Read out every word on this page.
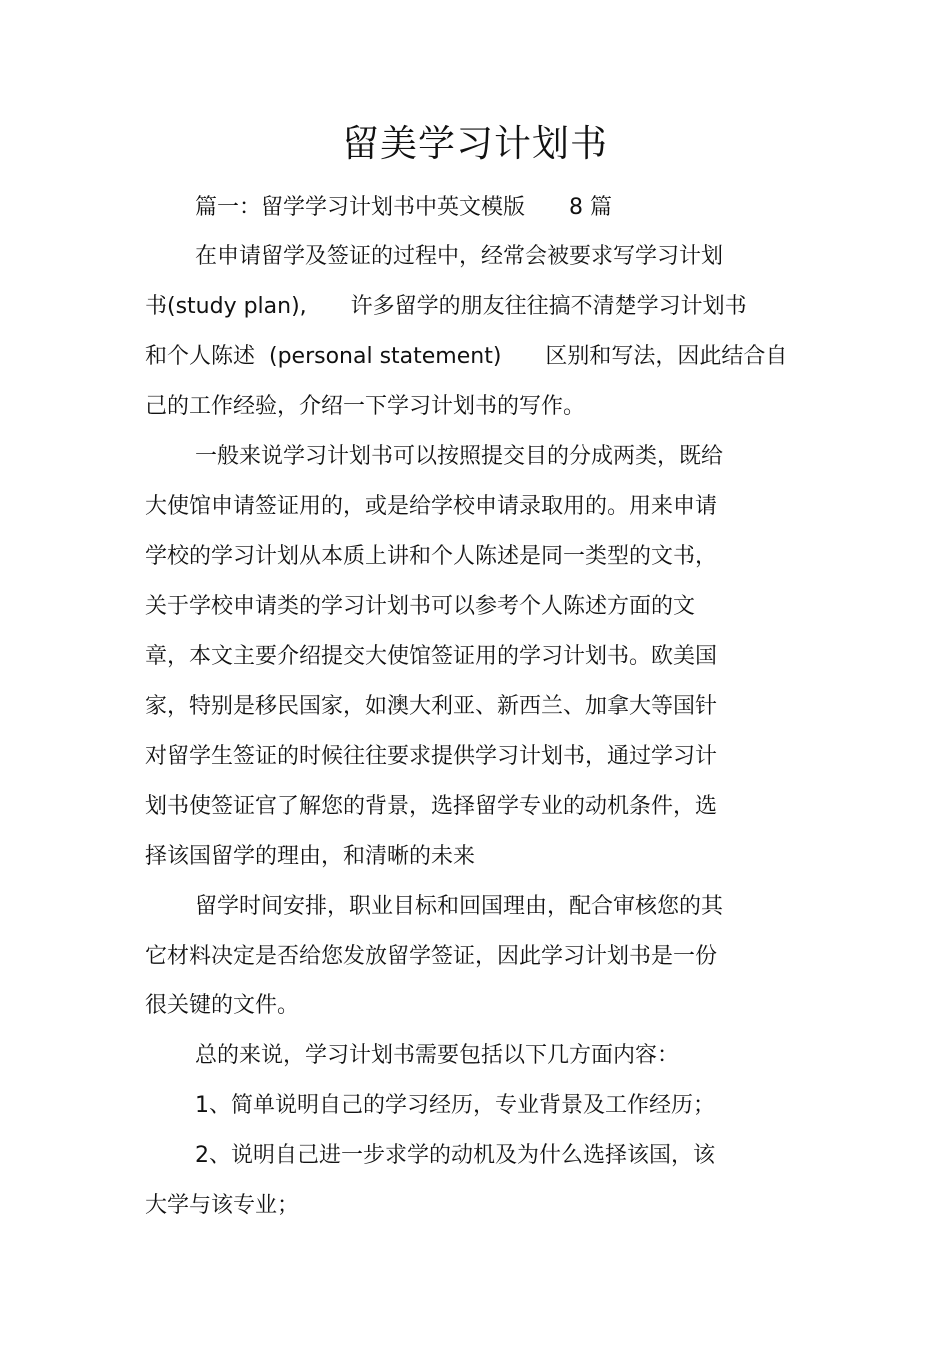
留美学习计划书
篇一：留学学习计划书中英文模版　　8 篇
在申请留学及签证的过程中，经常会被要求写学习计划
书(study plan),　　许多留学的朋友往往搞不清楚学习计划书
和个人陈述  (personal statement)　　区别和写法，因此结合自
己的工作经验，介绍一下学习计划书的写作。
一般来说学习计划书可以按照提交目的分成两类，既给
大使馆申请签证用的，或是给学校申请录取用的。用来申请
学校的学习计划从本质上讲和个人陈述是同一类型的文书，
关于学校申请类的学习计划书可以参考个人陈述方面的文
章，本文主要介绍提交大使馆签证用的学习计划书。欧美国
家，特别是移民国家，如澳大利亚、新西兰、加拿大等国针
对留学生签证的时候往往要求提供学习计划书，通过学习计
划书使签证官了解您的背景，选择留学专业的动机条件，选
择该国留学的理由，和清晰的未来
留学时间安排，职业目标和回国理由，配合审核您的其
它材料决定是否给您发放留学签证，因此学习计划书是一份
很关键的文件。
总的来说，学习计划书需要包括以下几方面内容：
1、简单说明自己的学习经历，专业背景及工作经历；
2、说明自己进一步求学的动机及为什么选择该国，该
大学与该专业；
